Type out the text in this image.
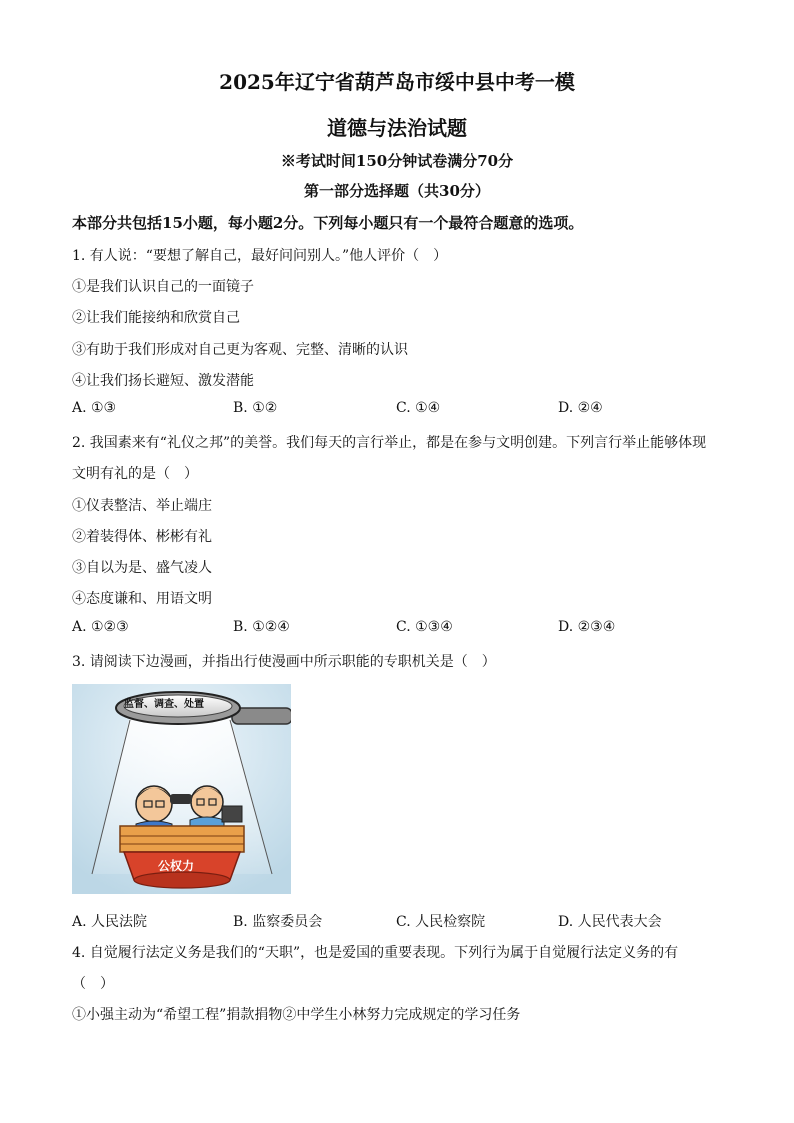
2025年辽宁省葫芦岛市绥中县中考一模
道德与法治试题
※考试时间150分钟试卷满分70分
第一部分选择题（共30分）
本部分共包括15小题，每小题2分。下列每小题只有一个最符合题意的选项。
1. 有人说：“要想了解自己，最好问问别人。”他人评价（　）
①是我们认识自己的一面镜子
②让我们能接纳和欣赏自己
③有助于我们形成对自己更为客观、完整、清晰的认识
④让我们扬长避短、激发潜能
A. ①③	B. ①②	C. ①④	D. ②④
2. 我国素来有“礼仪之邦”的美誉。我们每天的言行举止，都是在参与文明创建。下列言行举止能够体现
文明有礼的是（　）
①仪表整洁、举止端庄
②着装得体、彬彬有礼
③自以为是、盛气凌人
④态度谦和、用语文明
A. ①②③	B. ①②④	C. ①③④	D. ②③④
3. 请阅读下边漫画，并指出行使漫画中所示职能的专职机关是（　）
监督、调查、处置
公权力
A. 人民法院	B. 监察委员会	C. 人民检察院	D. 人民代表大会
4. 自觉履行法定义务是我们的“天职”，也是爱国的重要表现。下列行为属于自觉履行法定义务的有
（　）
①小强主动为“希望工程”捐款捐物②中学生小林努力完成规定的学习任务
